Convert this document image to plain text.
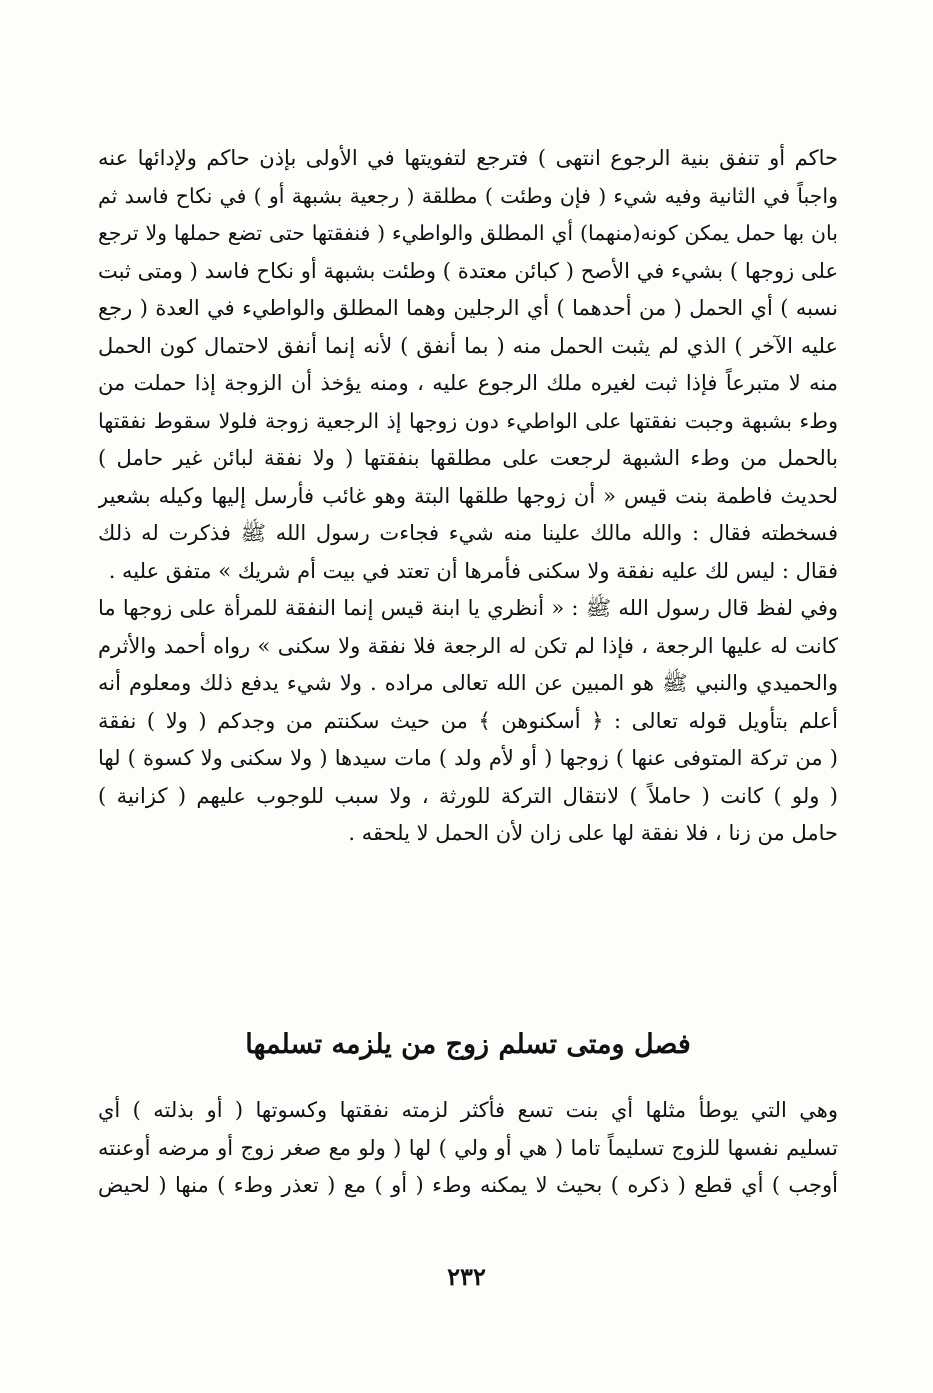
حاكم أو تنفق بنية الرجوع انتهى ) فترجع لتفويتها في الأولى بإذن حاكم ولإدائها عنه
واجباً في الثانية وفيه شيء ( فإن وطئت ) مطلقة ( رجعية بشبهة أو ) في نكاح فاسد ثم
بان بها حمل يمكن كونه(منهما) أي المطلق والواطيء ( فنفقتها حتى تضع حملها ولا ترجع
على زوجها ) بشيء في الأصح ( كبائن معتدة ) وطئت بشبهة أو نكاح فاسد ( ومتى ثبت
نسبه ) أي الحمل ( من أحدهما ) أي الرجلين وهما المطلق والواطيء في العدة ( رجع
عليه الآخر ) الذي لم يثبت الحمل منه ( بما أنفق ) لأنه إنما أنفق لاحتمال كون الحمل
منه لا متبرعاً فإذا ثبت لغيره ملك الرجوع عليه ، ومنه يؤخذ أن الزوجة إذا حملت من
وطء بشبهة وجبت نفقتها على الواطيء دون زوجها إذ الرجعية زوجة فلولا سقوط نفقتها
بالحمل من وطء الشبهة لرجعت على مطلقها بنفقتها ( ولا نفقة لبائن غير حامل )
لحديث فاطمة بنت قيس « أن زوجها طلقها البتة وهو غائب فأرسل إليها وكيله بشعير
فسخطته فقال : والله مالك علينا منه شيء فجاءت رسول الله ﷺ فذكرت له ذلك
فقال : ليس لك عليه نفقة ولا سكنى فأمرها أن تعتد في بيت أم شريك » متفق عليه .
وفي لفظ قال رسول الله ﷺ : « أنظري يا ابنة قيس إنما النفقة للمرأة على زوجها ما
كانت له عليها الرجعة ، فإذا لم تكن له الرجعة فلا نفقة ولا سكنى » رواه أحمد والأثرم
والحميدي والنبي ﷺ هو المبين عن الله تعالى مراده . ولا شيء يدفع ذلك ومعلوم أنه
أعلم بتأويل قوله تعالى : ﴿ أسكنوهن ﴾ من حيث سكنتم من وجدكم ( ولا ) نفقة
( من تركة المتوفى عنها ) زوجها ( أو لأم ولد ) مات سيدها ( ولا سكنى ولا كسوة ) لها
( ولو ) كانت ( حاملاً ) لانتقال التركة للورثة ، ولا سبب للوجوب عليهم ( كزانية )
حامل من زنا ، فلا نفقة لها على زان لأن الحمل لا يلحقه .
فصل ومتى تسلم زوج من يلزمه تسلمها
وهي التي يوطأ مثلها أي بنت تسع فأكثر لزمته نفقتها وكسوتها ( أو بذلته ) أي
تسليم نفسها للزوج تسليماً تاما ( هي أو ولي ) لها ( ولو مع صغر زوج أو مرضه أوعنته
أوجب ) أي قطع ( ذكره ) بحيث لا يمكنه وطء ( أو ) مع ( تعذر وطء ) منها ( لحيض
٢٣٢
